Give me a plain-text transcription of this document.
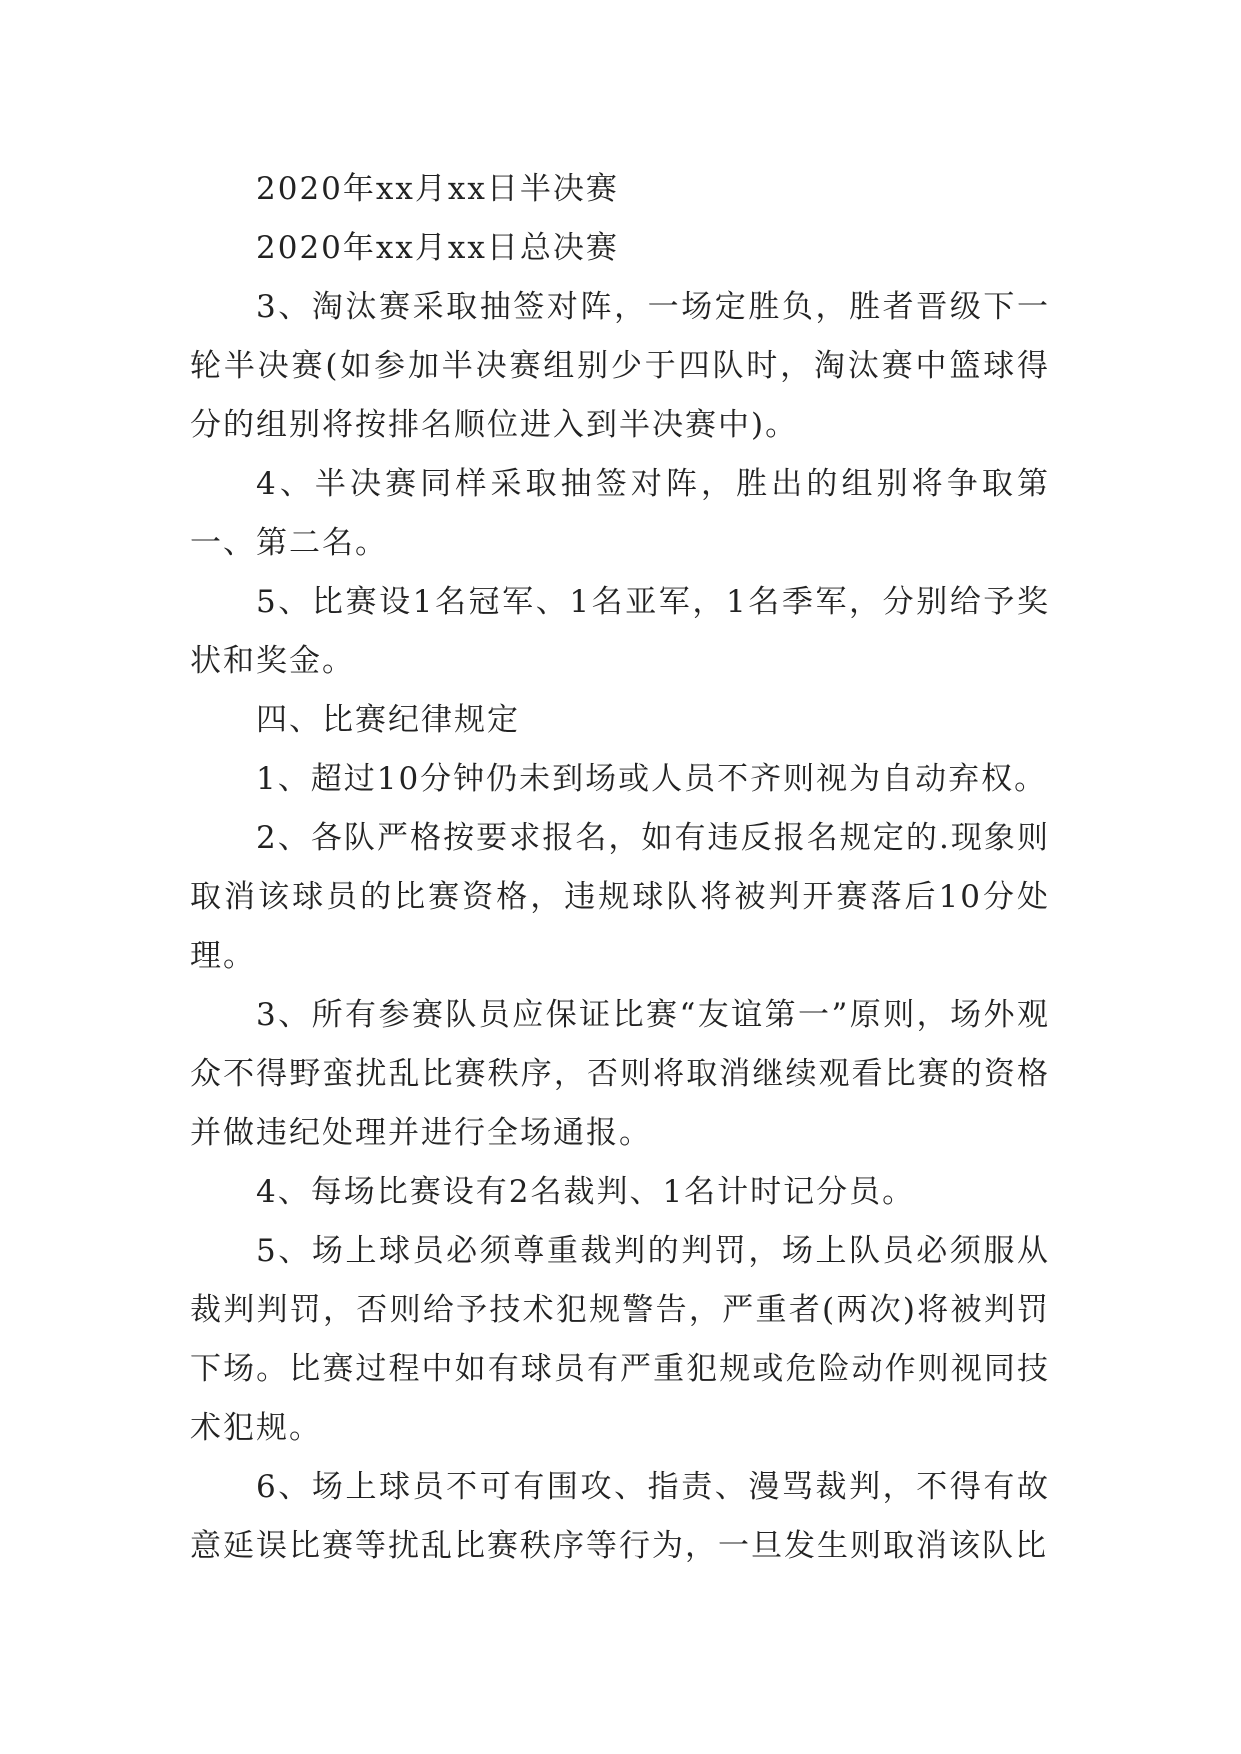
2020年xx月xx日半决赛

2020年xx月xx日总决赛

3、淘汰赛采取抽签对阵，一场定胜负，胜者晋级下一轮半决赛(如参加半决赛组别少于四队时，淘汰赛中篮球得分的组别将按排名顺位进入到半决赛中)。

4、半决赛同样采取抽签对阵，胜出的组别将争取第一、第二名。

5、比赛设1名冠军、1名亚军，1名季军，分别给予奖状和奖金。

四、比赛纪律规定

1、超过10分钟仍未到场或人员不齐则视为自动弃权。

2、各队严格按要求报名，如有违反报名规定的.现象则取消该球员的比赛资格，违规球队将被判开赛落后10分处理。

3、所有参赛队员应保证比赛“友谊第一”原则，场外观众不得野蛮扰乱比赛秩序，否则将取消继续观看比赛的资格并做违纪处理并进行全场通报。

4、每场比赛设有2名裁判、1名计时记分员。

5、场上球员必须尊重裁判的判罚，场上队员必须服从裁判判罚，否则给予技术犯规警告，严重者(两次)将被判罚下场。比赛过程中如有球员有严重犯规或危险动作则视同技术犯规。

6、场上球员不可有围攻、指责、漫骂裁判，不得有故意延误比赛等扰乱比赛秩序等行为，一旦发生则取消该队比
